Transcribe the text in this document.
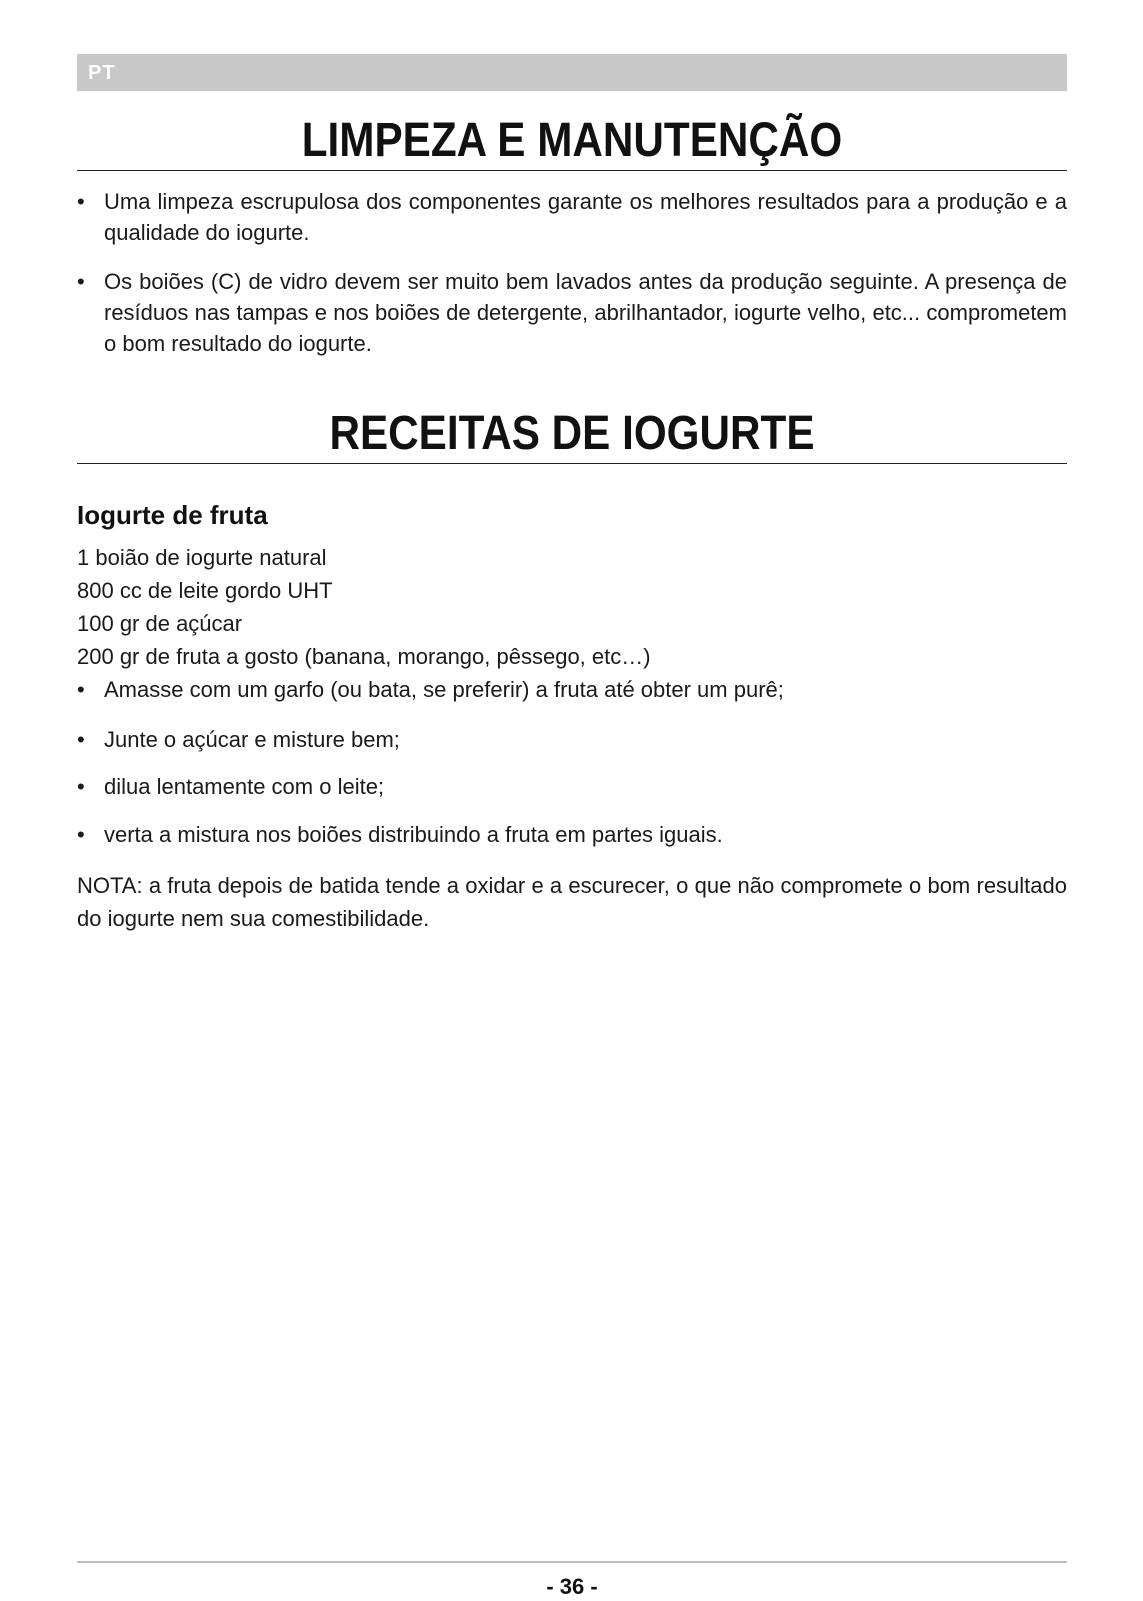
PT
LIMPEZA E MANUTENÇÃO
• Uma limpeza escrupulosa dos componentes garante os melhores resultados para a produção e a qualidade do iogurte.
• Os boiões (C) de vidro devem ser muito bem lavados antes da produção seguinte. A presença de resíduos nas tampas e nos boiões de detergente, abrilhantador, iogurte velho, etc... comprometem o bom resultado do iogurte.
RECEITAS DE IOGURTE
Iogurte de fruta
1 boião de iogurte natural
800 cc de leite gordo UHT
100 gr de açúcar
200 gr de fruta a gosto (banana, morango, pêssego, etc…)
• Amasse com um garfo (ou bata, se preferir) a fruta até obter um purê;
• Junte o açúcar e misture bem;
• dilua lentamente com o leite;
• verta a mistura nos boiões distribuindo a fruta em partes iguais.
NOTA: a fruta depois de batida tende a oxidar e a escurecer, o que não compromete o bom resultado do iogurte nem sua comestibilidade.
- 36 -
